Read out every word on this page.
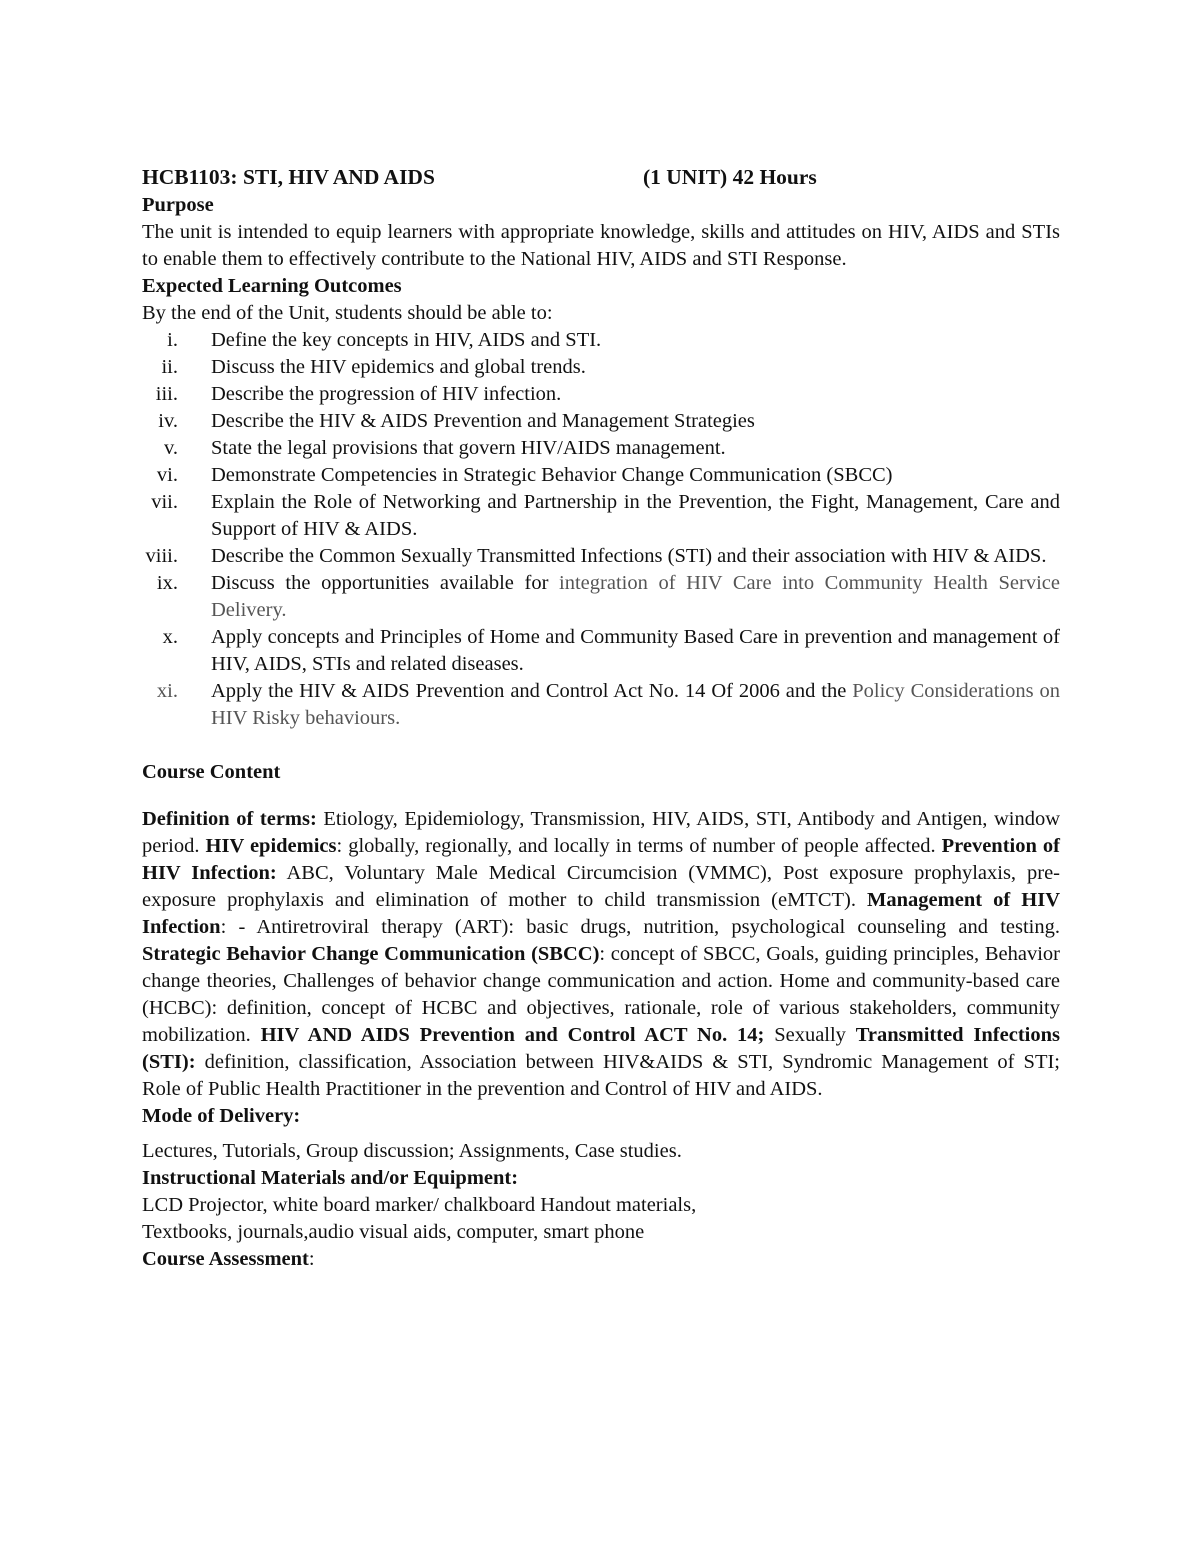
HCB1103: STI, HIV AND AIDS	(1 UNIT) 42 Hours

Purpose

The unit is intended to equip learners with appropriate knowledge, skills and attitudes on HIV, AIDS and STIs to enable them to effectively contribute to the National HIV, AIDS and STI Response.

Expected Learning Outcomes

By the end of the Unit, students should be able to:

i. Define the key concepts in HIV, AIDS and STI.
ii. Discuss the HIV epidemics and global trends.
iii. Describe the progression of HIV infection.
iv. Describe the HIV & AIDS Prevention and Management Strategies
v. State the legal provisions that govern HIV/AIDS management.
vi. Demonstrate Competencies in Strategic Behavior Change Communication (SBCC)
vii. Explain the Role of Networking and Partnership in the Prevention, the Fight, Management, Care and Support of HIV & AIDS.
viii. Describe the Common Sexually Transmitted Infections (STI) and their association with HIV & AIDS.
ix. Discuss the opportunities available for integration of HIV Care into Community Health Service Delivery.
x. Apply concepts and Principles of Home and Community Based Care in prevention and management of HIV, AIDS, STIs and related diseases.
xi. Apply the HIV & AIDS Prevention and Control Act No. 14 Of 2006 and the Policy Considerations on HIV Risky behaviours.

Course Content

Definition of terms: Etiology, Epidemiology, Transmission, HIV, AIDS, STI, Antibody and Antigen, window period. HIV epidemics: globally, regionally, and locally in terms of number of people affected. Prevention of HIV Infection: ABC, Voluntary Male Medical Circumcision (VMMC), Post exposure prophylaxis, pre-exposure prophylaxis and elimination of mother to child transmission (eMTCT). Management of HIV Infection: - Antiretroviral therapy (ART): basic drugs, nutrition, psychological counseling and testing. Strategic Behavior Change Communication (SBCC): concept of SBCC, Goals, guiding principles, Behavior change theories, Challenges of behavior change communication and action. Home and community-based care (HCBC): definition, concept of HCBC and objectives, rationale, role of various stakeholders, community mobilization. HIV AND AIDS Prevention and Control ACT No. 14; Sexually Transmitted Infections (STI): definition, classification, Association between HIV&AIDS & STI, Syndromic Management of STI; Role of Public Health Practitioner in the prevention and Control of HIV and AIDS.

Mode of Delivery:

Lectures, Tutorials, Group discussion; Assignments, Case studies.

Instructional Materials and/or Equipment:

LCD Projector, white board marker/ chalkboard Handout materials,

Textbooks, journals,audio visual aids, computer, smart phone

Course Assessment:
